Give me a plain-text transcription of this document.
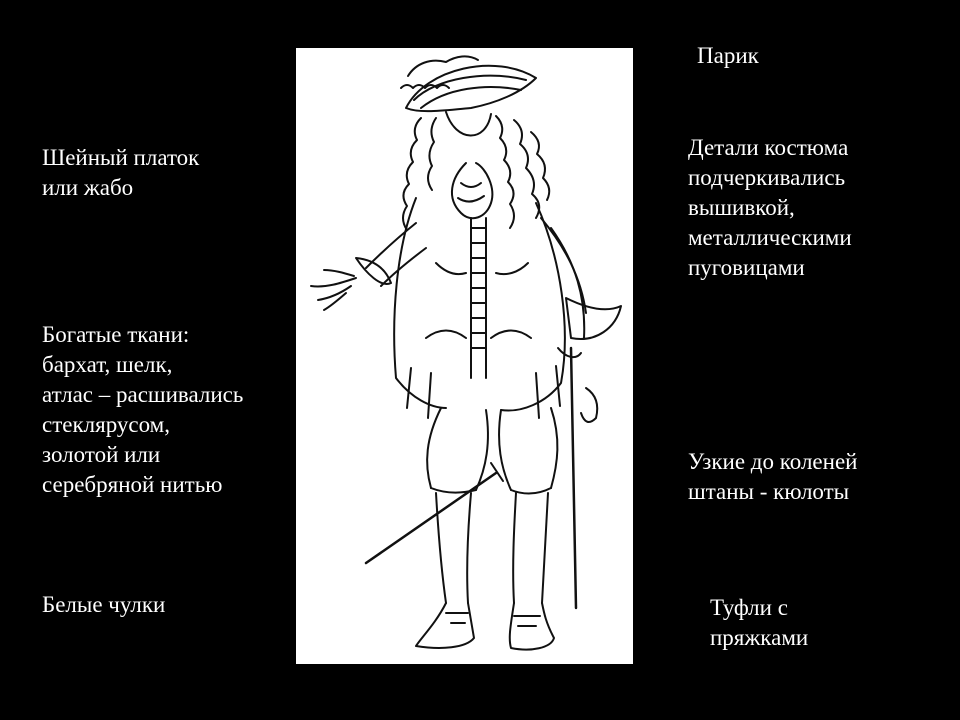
Шейный платок
или жабо
Богатые ткани:
бархат, шелк,
атлас – расшивались
стеклярусом,
золотой или
серебряной нитью
Белые чулки
Парик
Детали костюма
подчеркивались
вышивкой,
металлическими
пуговицами
Узкие до коленей
штаны - кюлоты
Туфли с
пряжками
